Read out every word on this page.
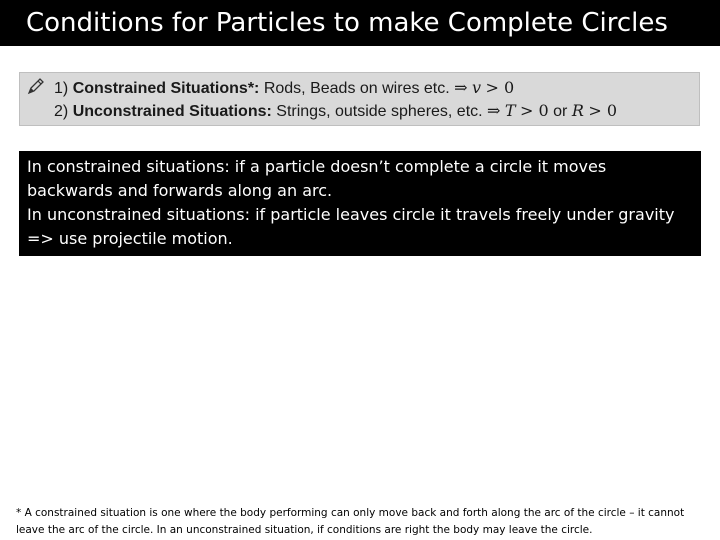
Conditions for Particles to make Complete Circles
1) Constrained Situations*: Rods, Beads on wires etc. ⇒ v > 0
2) Unconstrained Situations: Strings, outside spheres, etc. ⇒ T > 0 or R > 0
In constrained situations: if a particle doesn’t complete a circle it moves
backwards and forwards along an arc.
In unconstrained situations: if particle leaves circle it travels freely under gravity
=> use projectile motion.
* A constrained situation is one where the body performing can only move back and forth along the arc of the circle – it cannot leave the arc of the circle. In an unconstrained situation, if conditions are right the body may leave the circle.
